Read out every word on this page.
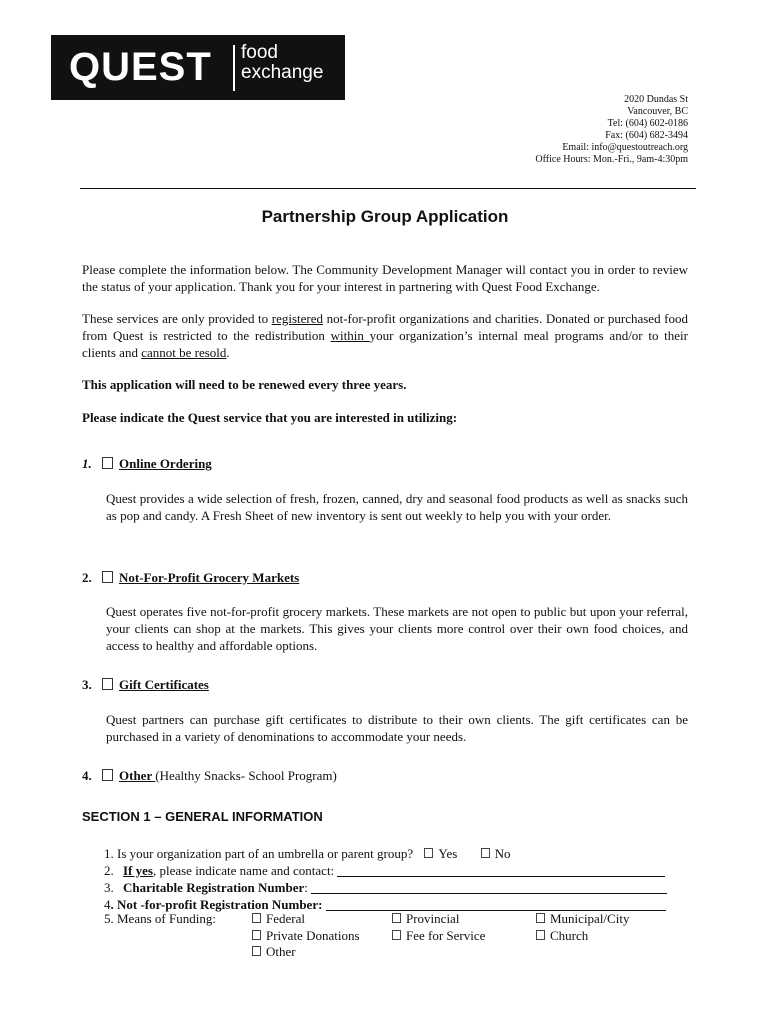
QUEST food
exchange
2020 Dundas St
Vancouver, BC
Tel: (604) 602-0186
Fax: (604) 682-3494
Email: info@questoutreach.org
Office Hours: Mon.-Fri., 9am-4:30pm
Partnership Group Application
Please complete the information below. The Community Development Manager will contact you in order to review the status of your application. Thank you for your interest in partnering with Quest Food Exchange.
These services are only provided to registered not-for-profit organizations and charities. Donated or purchased food from Quest is restricted to the redistribution within your organization’s internal meal programs and/or to their clients and cannot be resold.
This application will need to be renewed every three years.
Please indicate the Quest service that you are interested in utilizing:
1. Online Ordering
Quest provides a wide selection of fresh, frozen, canned, dry and seasonal food products as well as snacks such as pop and candy. A Fresh Sheet of new inventory is sent out weekly to help you with your order.
2. Not-For-Profit Grocery Markets
Quest operates five not-for-profit grocery markets. These markets are not open to public but upon your referral, your clients can shop at the markets. This gives your clients more control over their own food choices, and access to healthy and affordable options.
3. Gift Certificates
Quest partners can purchase gift certificates to distribute to their own clients. The gift certificates can be purchased in a variety of denominations to accommodate your needs.
4. Other (Healthy Snacks- School Program)
SECTION 1 – GENERAL INFORMATION
1. Is your organization part of an umbrella or parent group? Yes	No
2. If yes, please indicate name and contact:
3. Charitable Registration Number:
4. Not -for-profit Registration Number:
5. Means of Funding:	Federal	Provincial	Municipal/City
Private Donations	Fee for Service	Church
Other
